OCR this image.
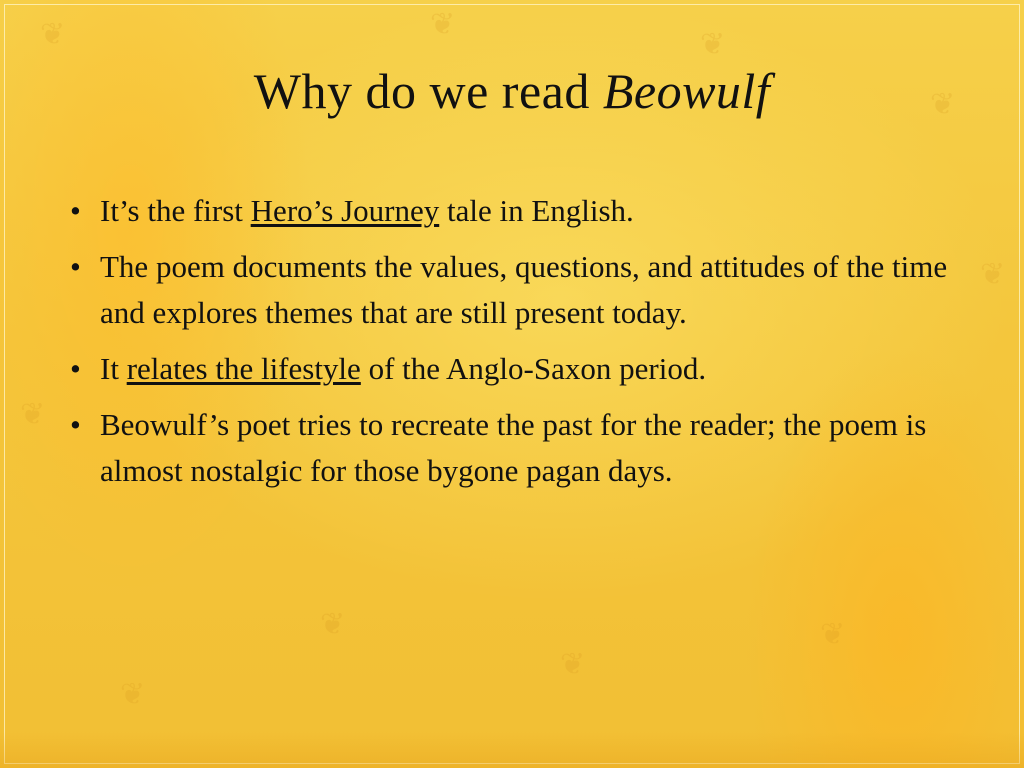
❦	❦
❦
❦
❦
❦
❦
❦
❦
❦
Why do we read Beowulf
• It’s the first Hero’s Journey tale in English.
• The poem documents the values, questions, and attitudes of the time and explores themes that are still present today.
• It relates the lifestyle of the Anglo-Saxon period.
• Beowulf’s poet tries to recreate the past for the reader; the poem is almost nostalgic for those bygone pagan days.
